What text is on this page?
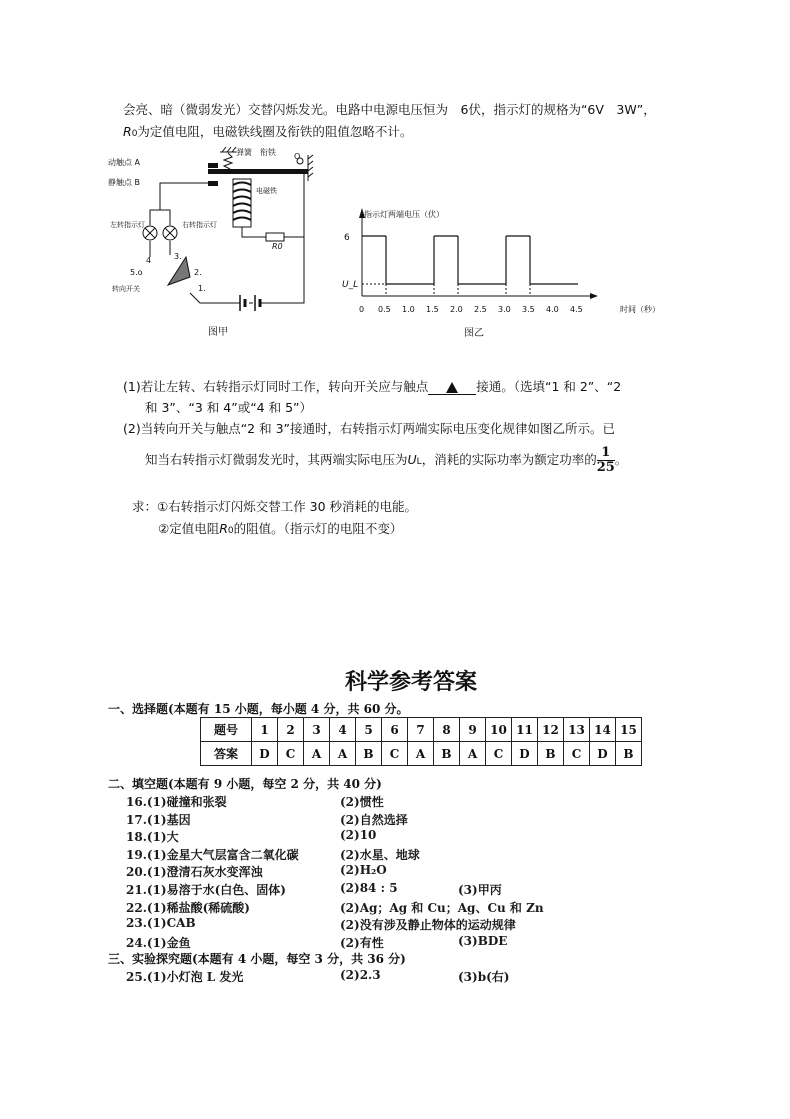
会亮、暗（微弱发光）交替闪烁发光。电路中电源电压恒为　6伏，指示灯的规格为“6V　3W”，
R0为定值电阻，电磁铁线圈及衔铁的阻值忽略不计。
动触点 A
弹簧　衔铁
静触点 B
O
电磁铁
左转指示灯	右转指示灯
R0
4	3.
5.o	2.
1.
转向开关
图甲
指示灯两端电压（伏）
6
U_L
0 0.5 1.0 1.5 2.0 2.5 3.0 3.5 4.0 4.5	时间（秒）
图乙
(1)若让左转、右转指示灯同时工作，转向开关应与触点	接通。（选填“1 和 2”、“2
和 3”、“3 和 4”或“4 和 5”）
(2)当转向开关与触点“2 和 3”接通时，右转指示灯两端实际电压变化规律如图乙所示。已
知当右转指示灯微弱发光时，其两端实际电压为UL，消耗的实际功率为额定功率的 $\frac{1}{25}$ 。
求：①右转指示灯闪烁交替工作 30 秒消耗的电能。
②定值电阻R0的阻值。（指示灯的电阻不变）
科学参考答案
一、选择题(本题有 15 小题，每小题 4 分，共 60 分。
题号	1	2	3	4	5	6	7	8	9	10	11	12	13	14	15
答案	D	C	A	A	B	C	A	B	A	C	D	B	C	D	B
二、填空题(本题有 9 小题，每空 2 分，共 40 分)
16.(1)碰撞和张裂	(2)惯性
17.(1)基因	(2)自然选择
18.(1)大	(2)10
19.(1)金星大气层富含二氧化碳	(2)水星、地球
20.(1)澄清石灰水变浑浊	(2)H₂O
21.(1)易溶于水(白色、固体)	(2)84 : 5	(3)甲丙
22.(1)稀盐酸(稀硫酸)	(2)Ag；Ag 和 Cu；Ag、Cu 和 Zn
23.(1)CAB	(2)没有涉及静止物体的运动规律
24.(1)金鱼	(2)有性	(3)BDE
三、实验探究题(本题有 4 小题，每空 3 分，共 36 分)
25.(1)小灯泡 L 发光	(2)2.3	(3)b(右)
